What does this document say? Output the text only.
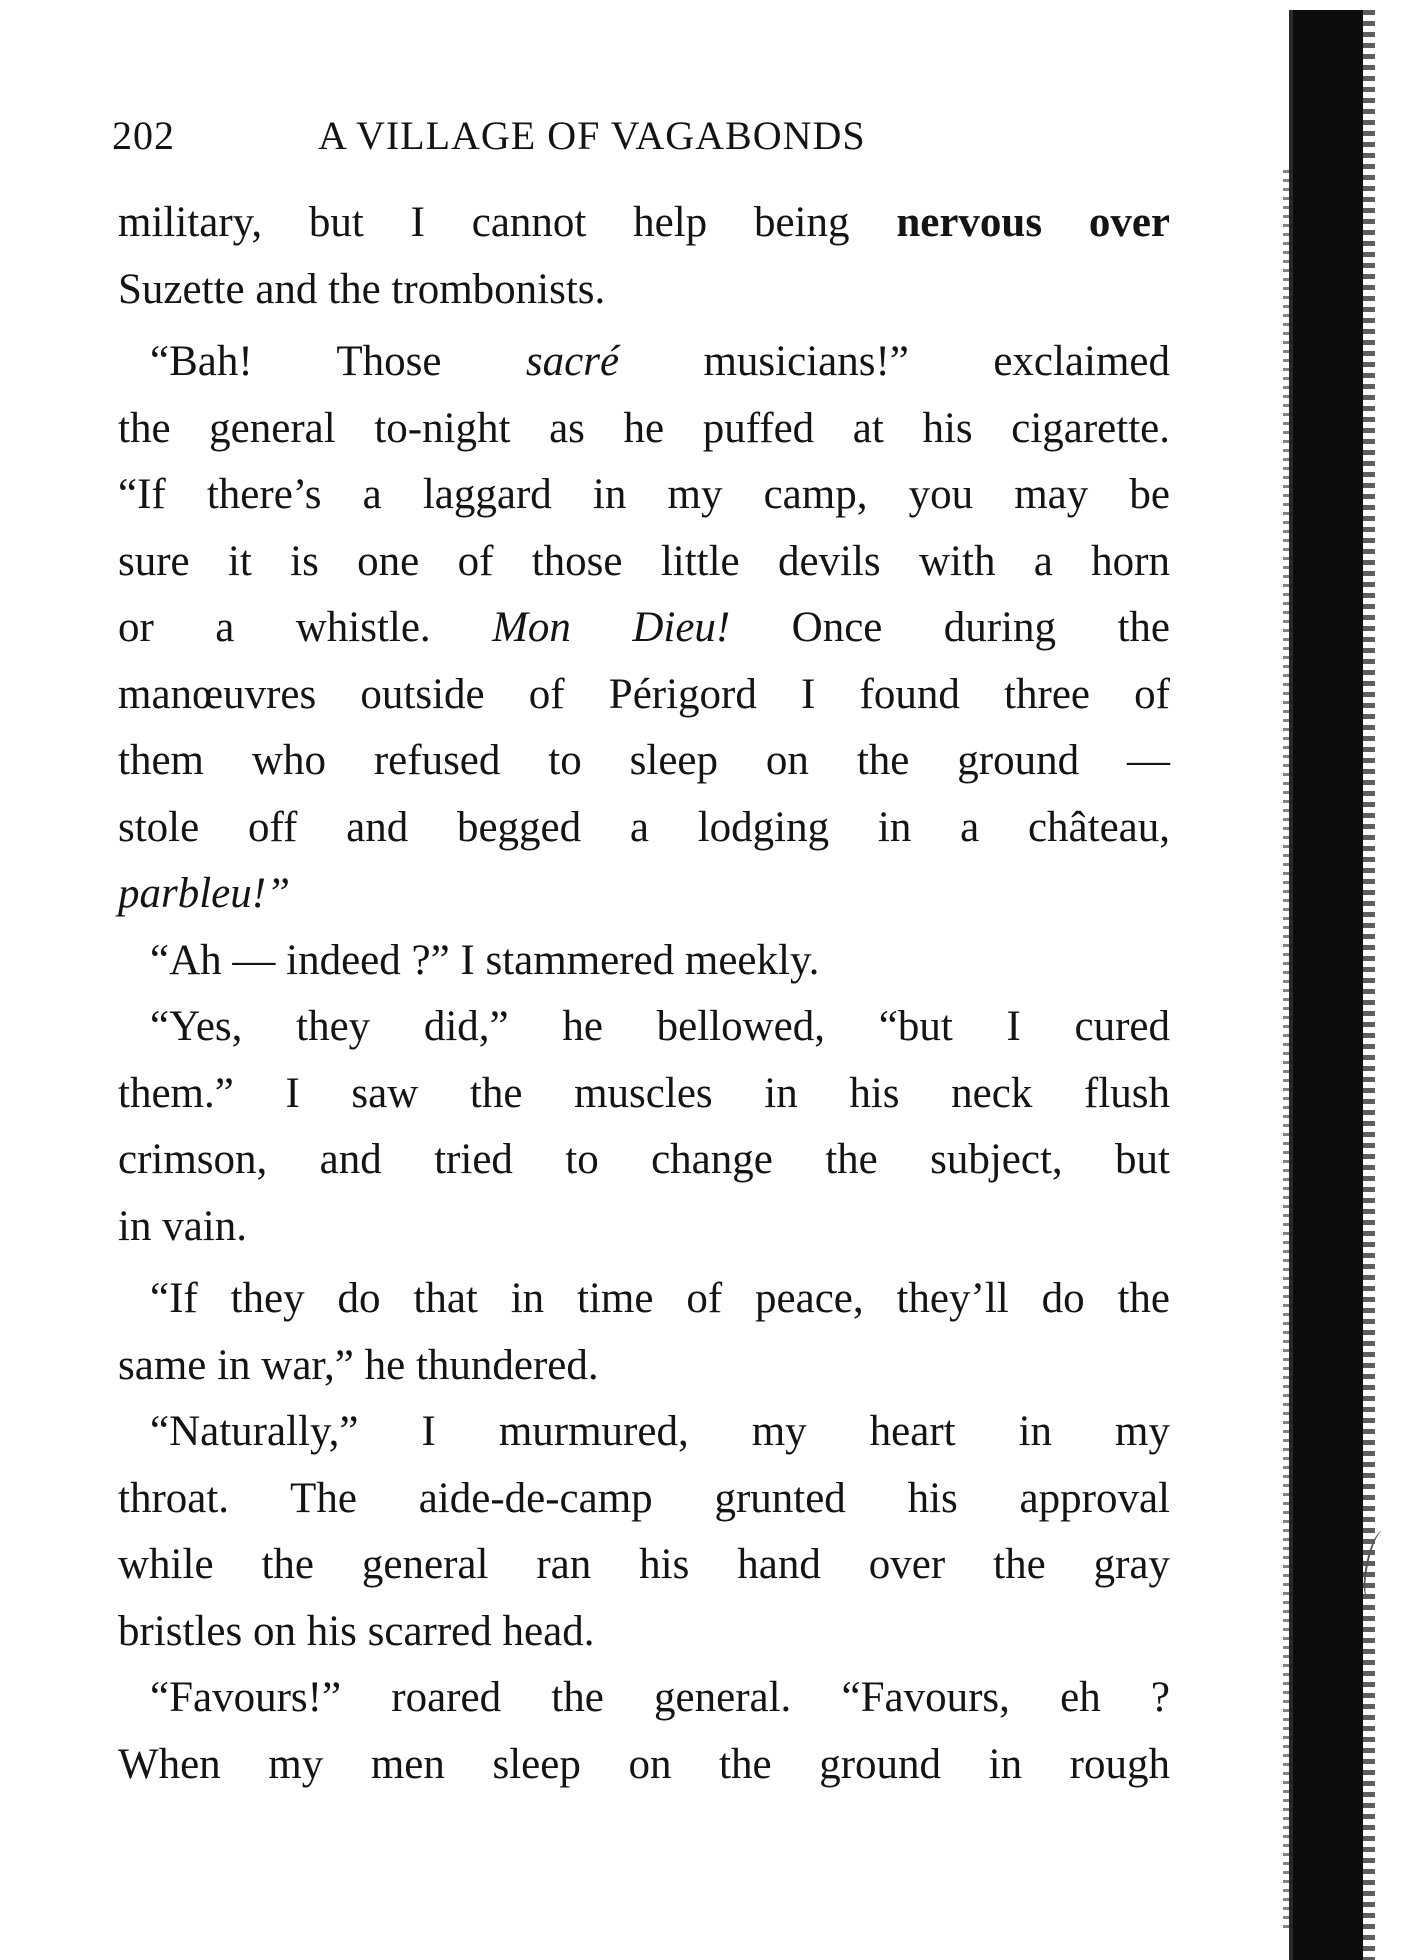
202	A VILLAGE OF VAGABONDS
military, but I cannot help being nervous over
Suzette and the trombonists.
“Bah! Those sacré musicians!” exclaimed
the general to-night as he puffed at his cigarette.
“If there’s a laggard in my camp, you may be
sure it is one of those little devils with a horn
or a whistle. Mon Dieu! Once during the
manœuvres outside of Périgord I found three of
them who refused to sleep on the ground —
stole off and begged a lodging in a château,
parbleu!”
“Ah — indeed ?” I stammered meekly.
“Yes, they did,” he bellowed, “but I cured
them.” I saw the muscles in his neck flush
crimson, and tried to change the subject, but
in vain.
“If they do that in time of peace, they’ll do the
same in war,” he thundered.
“Naturally,” I murmured, my heart in my
throat. The aide-de-camp grunted his approval
while the general ran his hand over the gray
bristles on his scarred head.
“Favours!” roared the general. “Favours, eh ?
When my men sleep on the ground in rough
